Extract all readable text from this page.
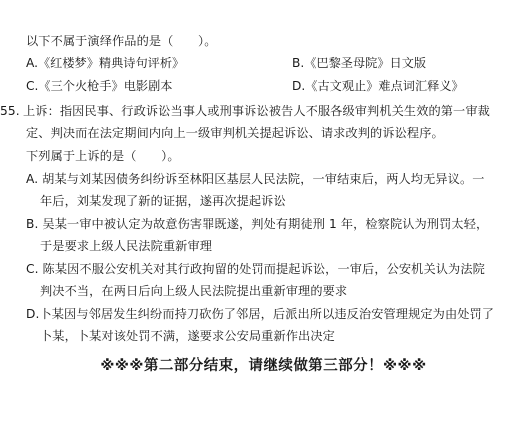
以下不属于演绎作品的是（　　）。
A.《红楼梦》精典诗句评析》	B.《巴黎圣母院》日文版
C.《三个火枪手》电影剧本	D.《古文观止》难点词汇释义》
55. 上诉：指因民事、行政诉讼当事人或刑事诉讼被告人不服各级审判机关生效的第一审裁
定、判决而在法定期间内向上一级审判机关提起诉讼、请求改判的诉讼程序。
下列属于上诉的是（　　）。
A. 胡某与刘某因债务纠纷诉至林阳区基层人民法院，一审结束后，两人均无异议。一
年后，刘某发现了新的证据，遂再次提起诉讼
B. 吴某一审中被认定为故意伤害罪既遂，判处有期徒刑 1 年，检察院认为刑罚太轻，
于是要求上级人民法院重新审理
C. 陈某因不服公安机关对其行政拘留的处罚而提起诉讼，一审后，公安机关认为法院
判决不当，在两日后向上级人民法院提出重新审理的要求
D.卜某因与邻居发生纠纷而持刀砍伤了邻居，后派出所以违反治安管理规定为由处罚了
卜某，卜某对该处罚不满，遂要求公安局重新作出决定
※※※第二部分结束，请继续做第三部分！※※※
